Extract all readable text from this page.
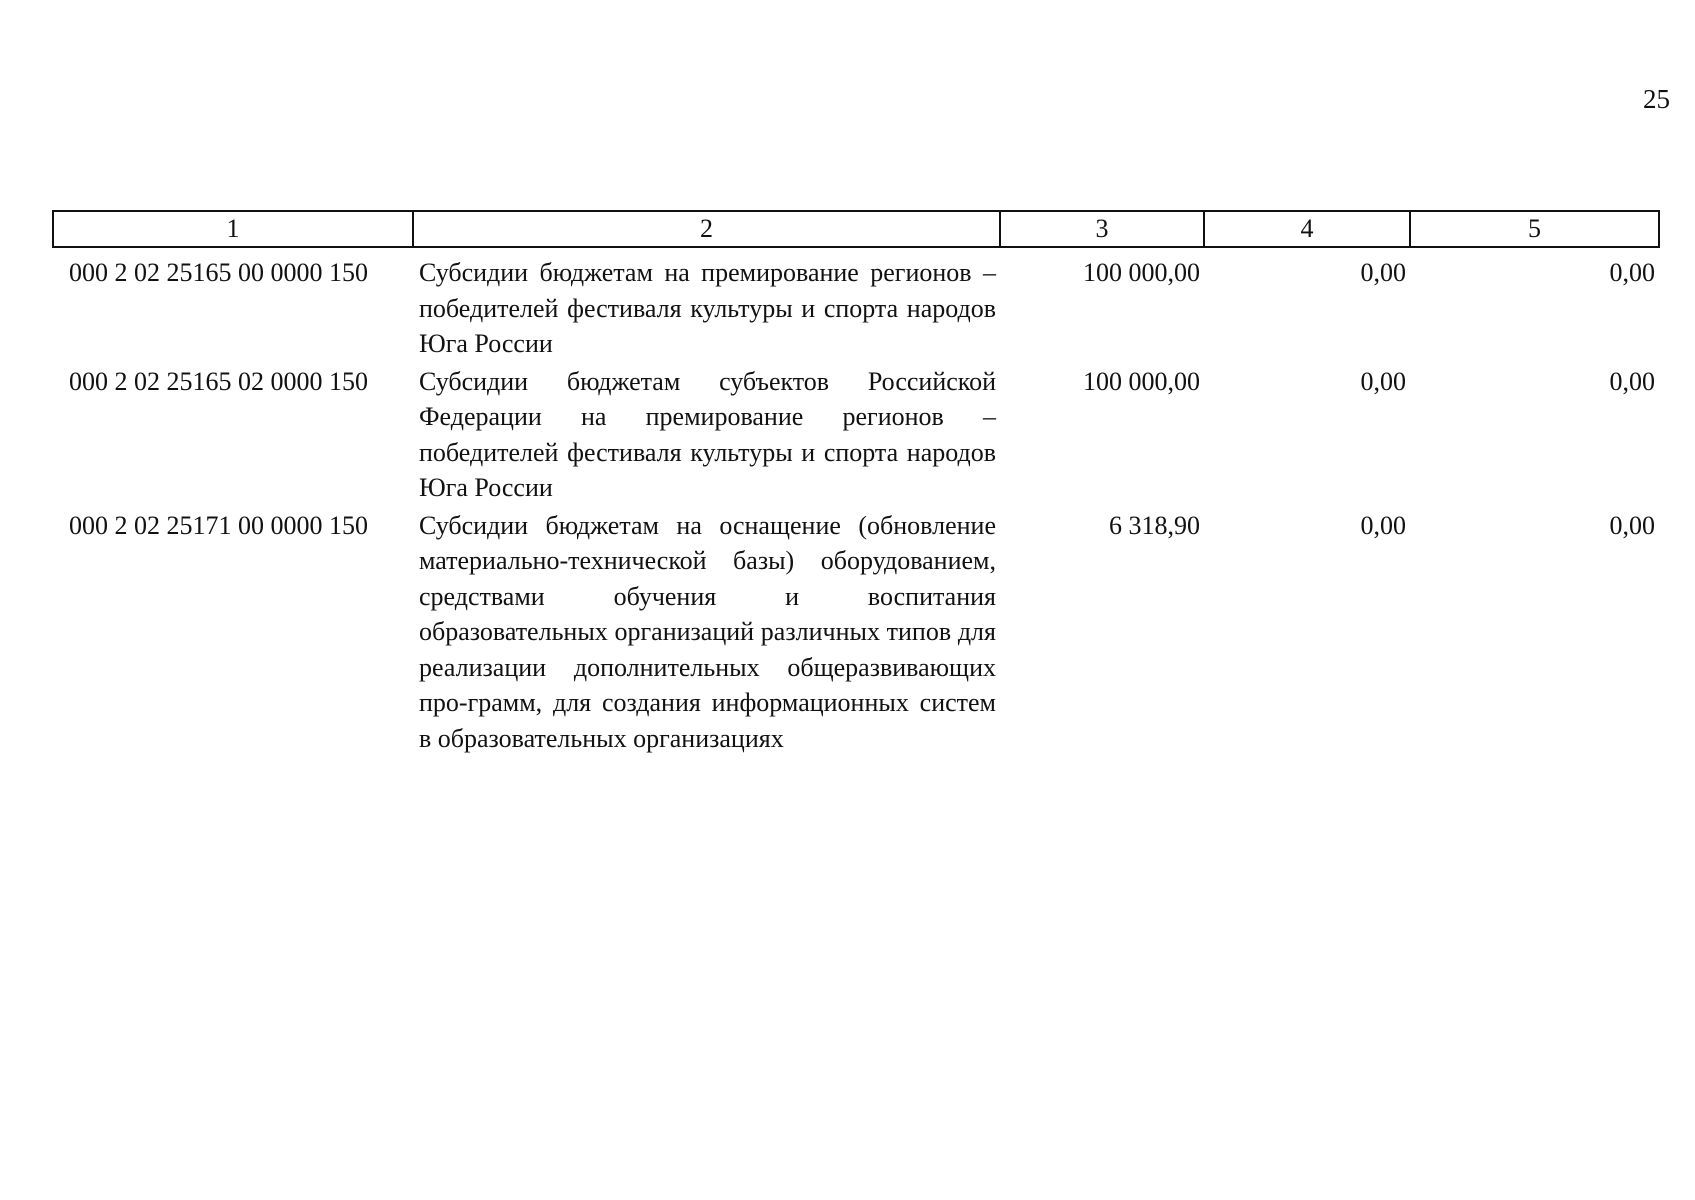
25
1	2	3	4	5

000 2 02 25165 00 0000 150	Субсидии бюджетам на премирование регионов – победителей фестиваля культуры и спорта народов Юга России	100 000,00	0,00	0,00
000 2 02 25165 02 0000 150	Субсидии бюджетам субъектов Российской Федерации на премирование регионов – победителей фестиваля культуры и спорта народов Юга России	100 000,00	0,00	0,00
000 2 02 25171 00 0000 150	Субсидии бюджетам на оснащение (обновление материально-технической базы) оборудованием, средствами обучения и воспитания образовательных организаций различных типов для реализации дополнительных общеразвивающих про-грамм, для создания информационных систем в образовательных организациях	6 318,90	0,00	0,00
